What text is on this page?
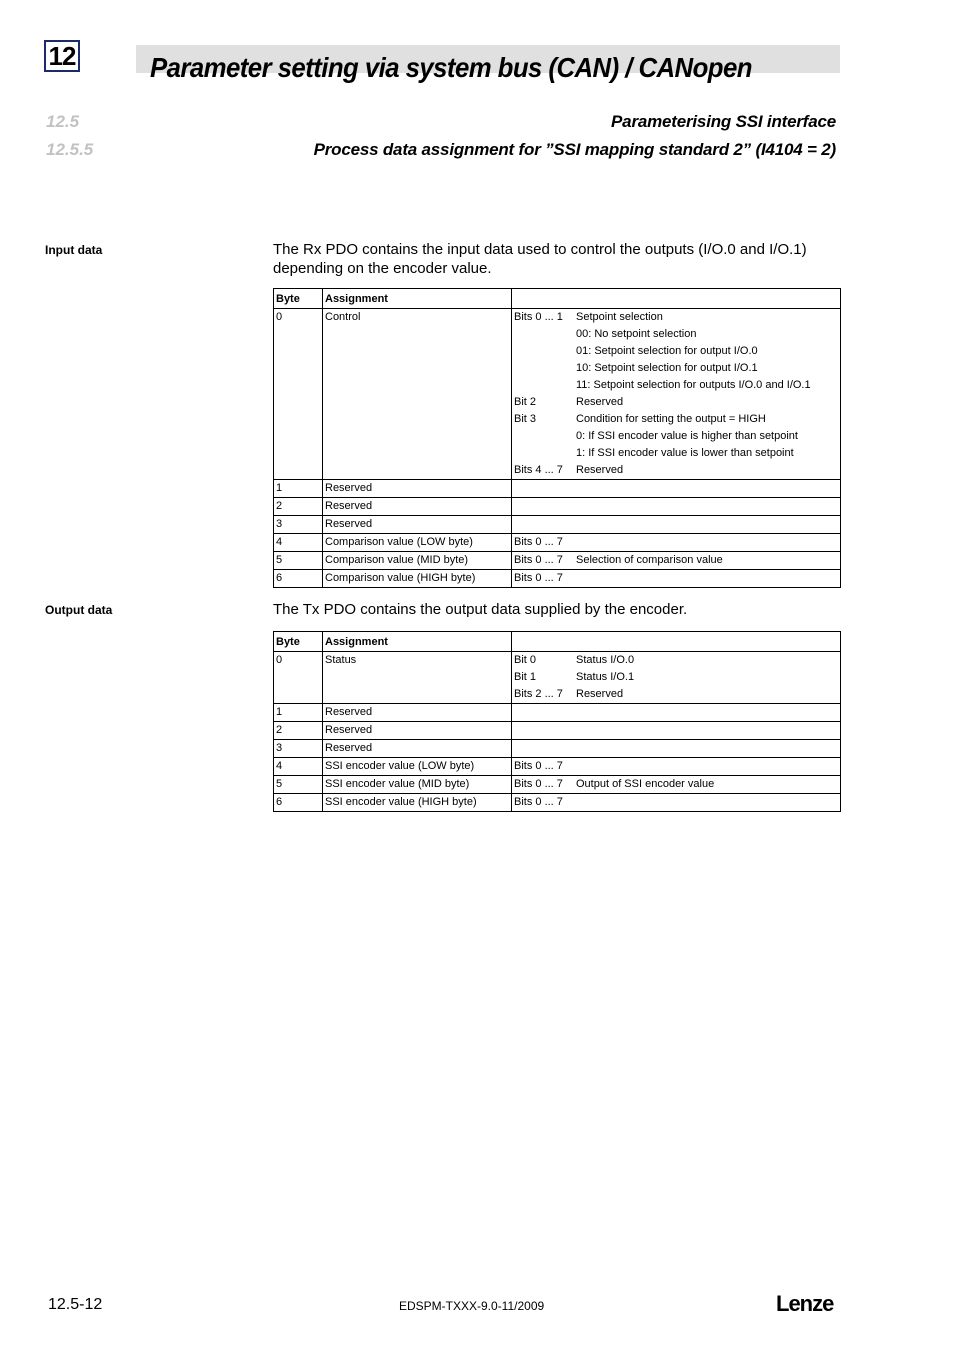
12	Parameter setting via system bus (CAN) / CANopen
12.5	Parameterising SSI interface
12.5.5	Process data assignment for ”SSI mapping standard 2” (I4104 = 2)
Input data	The Rx PDO contains the input data used to control the outputs (I/O.0 and I/O.1) depending on the encoder value.
Byte	Assignment		
0	Control	Bits 0 ... 1	Setpoint selection
			00: No setpoint selection
			01: Setpoint selection for output I/O.0
			10: Setpoint selection for output I/O.1
			11: Setpoint selection for outputs I/O.0 and I/O.1
		Bit 2	Reserved
		Bit 3	Condition for setting the output = HIGH
			0: If SSI encoder value is higher than setpoint
			1: If SSI encoder value is lower than setpoint
		Bits 4 ... 7	Reserved
1	Reserved		
2	Reserved		
3	Reserved		
4	Comparison value (LOW byte)	Bits 0 ... 7	
5	Comparison value (MID byte)	Bits 0 ... 7	Selection of comparison value
6	Comparison value (HIGH byte)	Bits 0 ... 7	
Output data	The Tx PDO contains the output data supplied by the encoder.
Byte	Assignment		
0	Status	Bit 0	Status I/O.0
		Bit 1	Status I/O.1
		Bits 2 ... 7	Reserved
1	Reserved		
2	Reserved		
3	Reserved		
4	SSI encoder value (LOW byte)	Bits 0 ... 7	
5	SSI encoder value (MID byte)	Bits 0 ... 7	Output of SSI encoder value
6	SSI encoder value (HIGH byte)	Bits 0 ... 7	
12.5-12	EDSPM-TXXX-9.0-11/2009	Lenze
